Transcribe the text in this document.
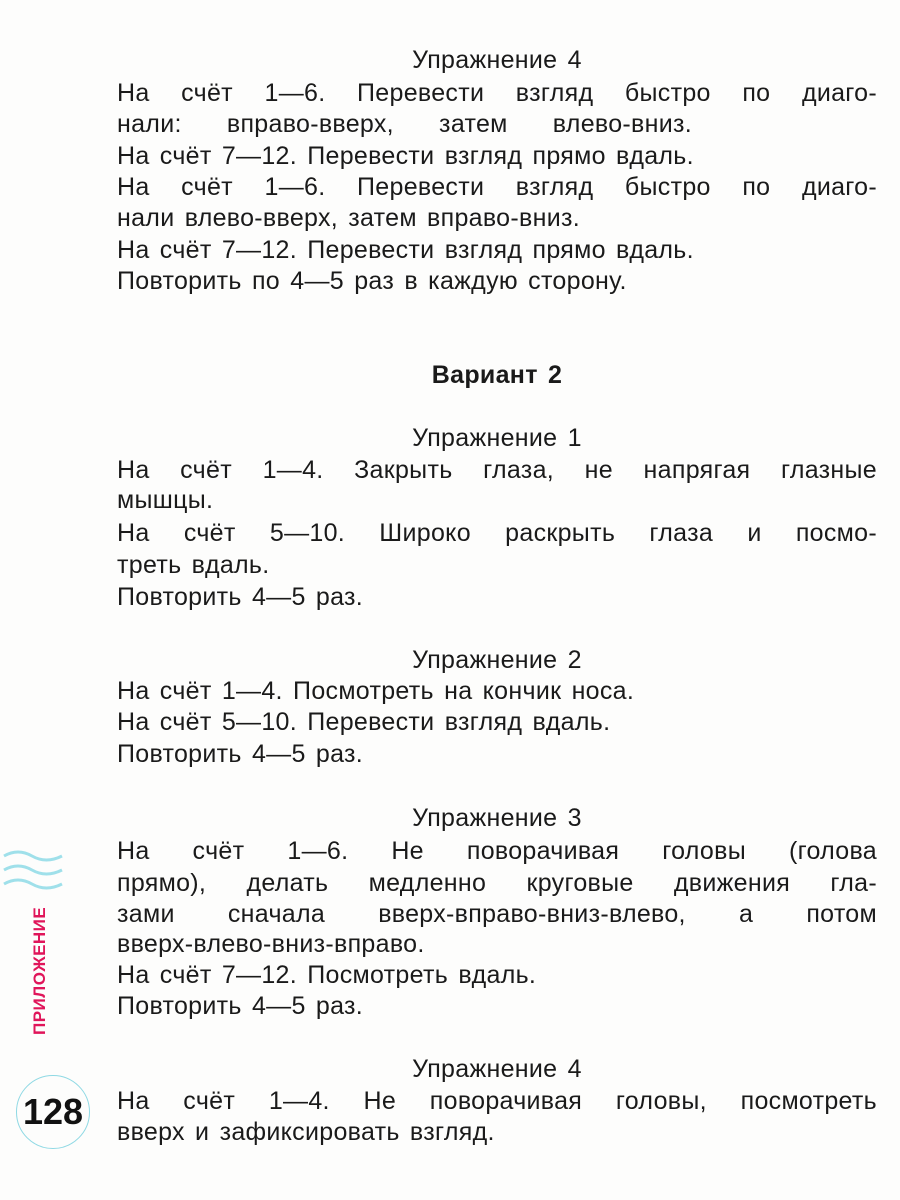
Упражнение 4
На счёт 1—6. Перевести взгляд быстро по диаго-
нали: вправо-вверх, затем влево-вниз.
На счёт 7—12. Перевести взгляд прямо вдаль.
На счёт 1—6. Перевести взгляд быстро по диаго-
нали влево-вверх, затем вправо-вниз.
На счёт 7—12. Перевести взгляд прямо вдаль.
Повторить по 4—5 раз в каждую сторону.
Вариант 2
Упражнение 1
На счёт 1—4. Закрыть глаза, не напрягая глазные
мышцы.
На счёт 5—10. Широко раскрыть глаза и посмо-
треть вдаль.
Повторить 4—5 раз.
Упражнение 2
На счёт 1—4. Посмотреть на кончик носа.
На счёт 5—10. Перевести взгляд вдаль.
Повторить 4—5 раз.
Упражнение 3
На счёт 1—6. Не поворачивая головы (голова
прямо), делать медленно круговые движения гла-
зами сначала вверх-вправо-вниз-влево, а потом
вверх-влево-вниз-вправо.
На счёт 7—12. Посмотреть вдаль.
Повторить 4—5 раз.
Упражнение 4
На счёт 1—4. Не поворачивая головы, посмотреть
вверх и зафиксировать взгляд.
ПРИЛОЖЕНИЕ
128
